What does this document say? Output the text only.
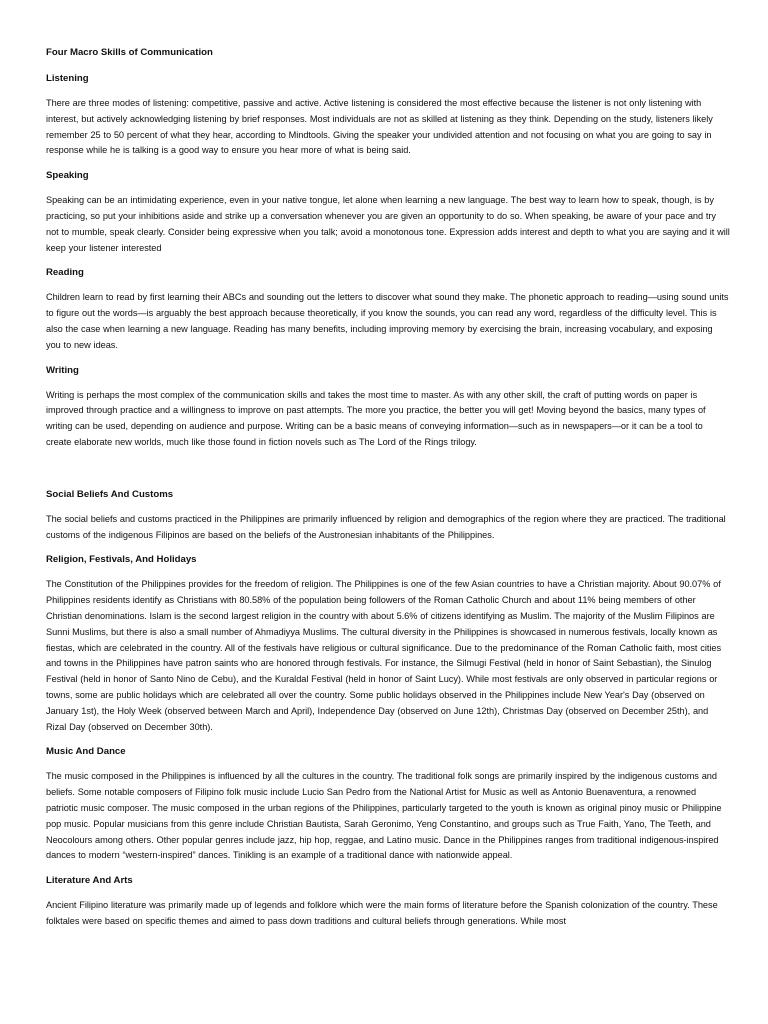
Four Macro Skills of Communication
Listening

There are three modes of listening: competitive, passive and active. Active listening is considered the most effective because the listener is not only listening with interest, but actively acknowledging listening by brief responses. Most individuals are not as skilled at listening as they think. Depending on the study, listeners likely remember 25 to 50 percent of what they hear, according to Mindtools. Giving the speaker your undivided attention and not focusing on what you are going to say in response while he is talking is a good way to ensure you hear more of what is being said.

Speaking

Speaking can be an intimidating experience, even in your native tongue, let alone when learning a new language. The best way to learn how to speak, though, is by practicing, so put your inhibitions aside and strike up a conversation whenever you are given an opportunity to do so. When speaking, be aware of your pace and try not to mumble, speak clearly. Consider being expressive when you talk; avoid a monotonous tone. Expression adds interest and depth to what you are saying and it will keep your listener interested

Reading

Children learn to read by first learning their ABCs and sounding out the letters to discover what sound they make. The phonetic approach to reading—using sound units to figure out the words—is arguably the best approach because theoretically, if you know the sounds, you can read any word, regardless of the difficulty level. This is also the case when learning a new language. Reading has many benefits, including improving memory by exercising the brain, increasing vocabulary, and exposing you to new ideas.

Writing

Writing is perhaps the most complex of the communication skills and takes the most time to master. As with any other skill, the craft of putting words on paper is improved through practice and a willingness to improve on past attempts. The more you practice, the better you will get! Moving beyond the basics, many types of writing can be used, depending on audience and purpose. Writing can be a basic means of conveying information—such as in newspapers—or it can be a tool to create elaborate new worlds, much like those found in fiction novels such as The Lord of the Rings trilogy.

Social Beliefs And Customs

The social beliefs and customs practiced in the Philippines are primarily influenced by religion and demographics of the region where they are practiced. The traditional customs of the indigenous Filipinos are based on the beliefs of the Austronesian inhabitants of the Philippines.

Religion, Festivals, And Holidays

The Constitution of the Philippines provides for the freedom of religion. The Philippines is one of the few Asian countries to have a Christian majority. About 90.07% of Philippines residents identify as Christians with 80.58% of the population being followers of the Roman Catholic Church and about 11% being members of other Christian denominations. Islam is the second largest religion in the country with about 5.6% of citizens identifying as Muslim. The majority of the Muslim Filipinos are Sunni Muslims, but there is also a small number of Ahmadiyya Muslims. The cultural diversity in the Philippines is showcased in numerous festivals, locally known as fiestas, which are celebrated in the country. All of the festivals have religious or cultural significance. Due to the predominance of the Roman Catholic faith, most cities and towns in the Philippines have patron saints who are honored through festivals. For instance, the Silmugi Festival (held in honor of Saint Sebastian), the Sinulog Festival (held in honor of Santo Nino de Cebu), and the Kuraldal Festival (held in honor of Saint Lucy). While most festivals are only observed in particular regions or towns, some are public holidays which are celebrated all over the country. Some public holidays observed in the Philippines include New Year's Day (observed on January 1st), the Holy Week (observed between March and April), Independence Day (observed on June 12th), Christmas Day (observed on December 25th), and Rizal Day (observed on December 30th).

Music And Dance

The music composed in the Philippines is influenced by all the cultures in the country. The traditional folk songs are primarily inspired by the indigenous customs and beliefs. Some notable composers of Filipino folk music include Lucio San Pedro from the National Artist for Music as well as Antonio Buenaventura, a renowned patriotic music composer. The music composed in the urban regions of the Philippines, particularly targeted to the youth is known as original pinoy music or Philippine pop music. Popular musicians from this genre include Christian Bautista, Sarah Geronimo, Yeng Constantino, and groups such as True Faith, Yano, The Teeth, and Neocolours among others. Other popular genres include jazz, hip hop, reggae, and Latino music. Dance in the Philippines ranges from traditional indigenous-inspired dances to modern “western-inspired” dances. Tinikling is an example of a traditional dance with nationwide appeal.

Literature And Arts

Ancient Filipino literature was primarily made up of legends and folklore which were the main forms of literature before the Spanish colonization of the country. These folktales were based on specific themes and aimed to pass down traditions and cultural beliefs through generations. While most
